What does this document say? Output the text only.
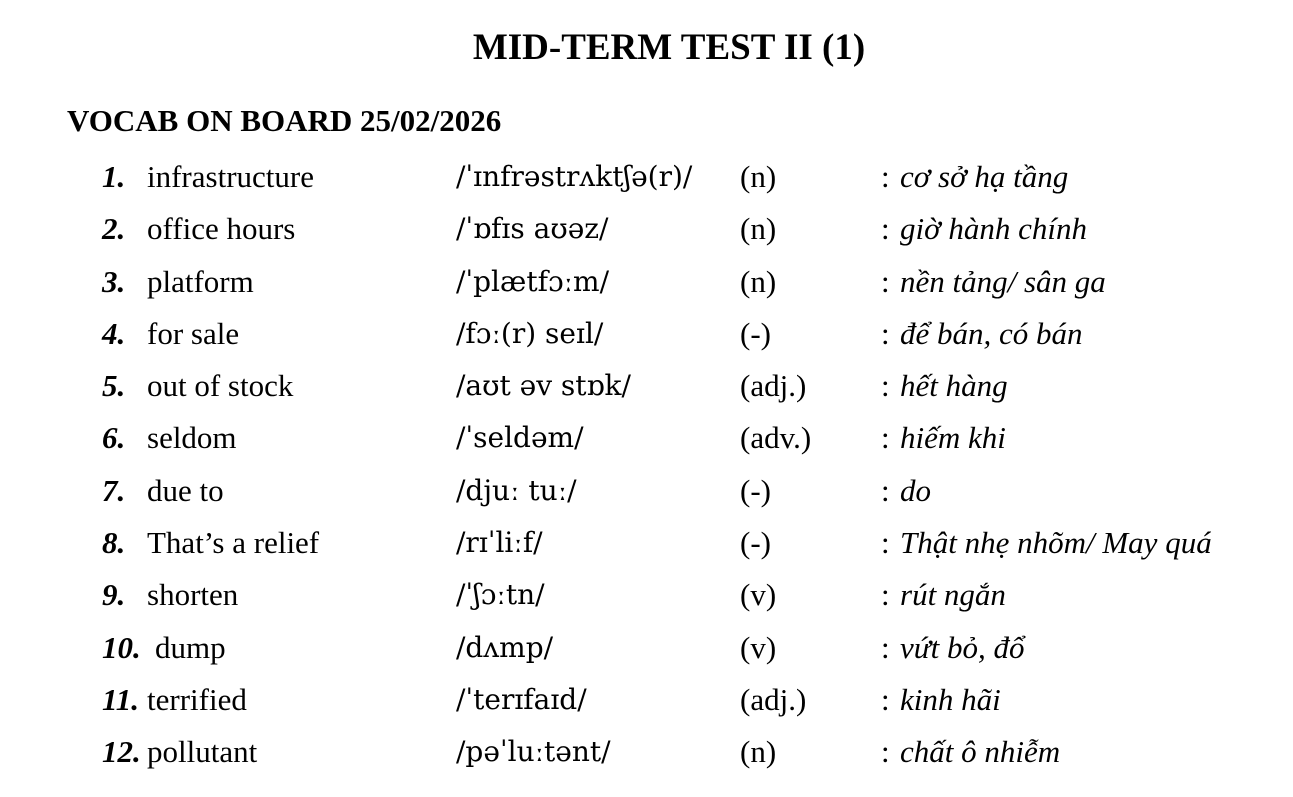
MID-TERM TEST II (1)
VOCAB ON BOARD 25/02/2026
1. infrastructure	/ˈɪnfrəstrʌktʃə(r)/ (n)	: cơ sở hạ tầng
2. office hours	/ˈɒfɪs aʊəz/	(n)	: giờ hành chính
3. platform	/ˈplætfɔːm/	(n)	: nền tảng/ sân ga
4. for sale	/fɔː(r) seɪl/	(-)	: để bán, có bán
5. out of stock	/aʊt əv stɒk/	(adj.) : hết hàng
6. seldom	/ˈseldəm/	(adv.) : hiếm khi
7. due to	/djuː tuː/	(-)	: do
8. That’s a relief	/rɪˈliːf/	(-)	: Thật nhẹ nhõm/ May quá
9. shorten	/ˈʃɔːtn/	(v)	: rút ngắn
10. dump	/dʌmp/	(v)	: vứt bỏ, đổ
11. terrified	/ˈterɪfaɪd/	(adj.) : kinh hãi
12. pollutant	/pəˈluːtənt/	(n)	: chất ô nhiễm
